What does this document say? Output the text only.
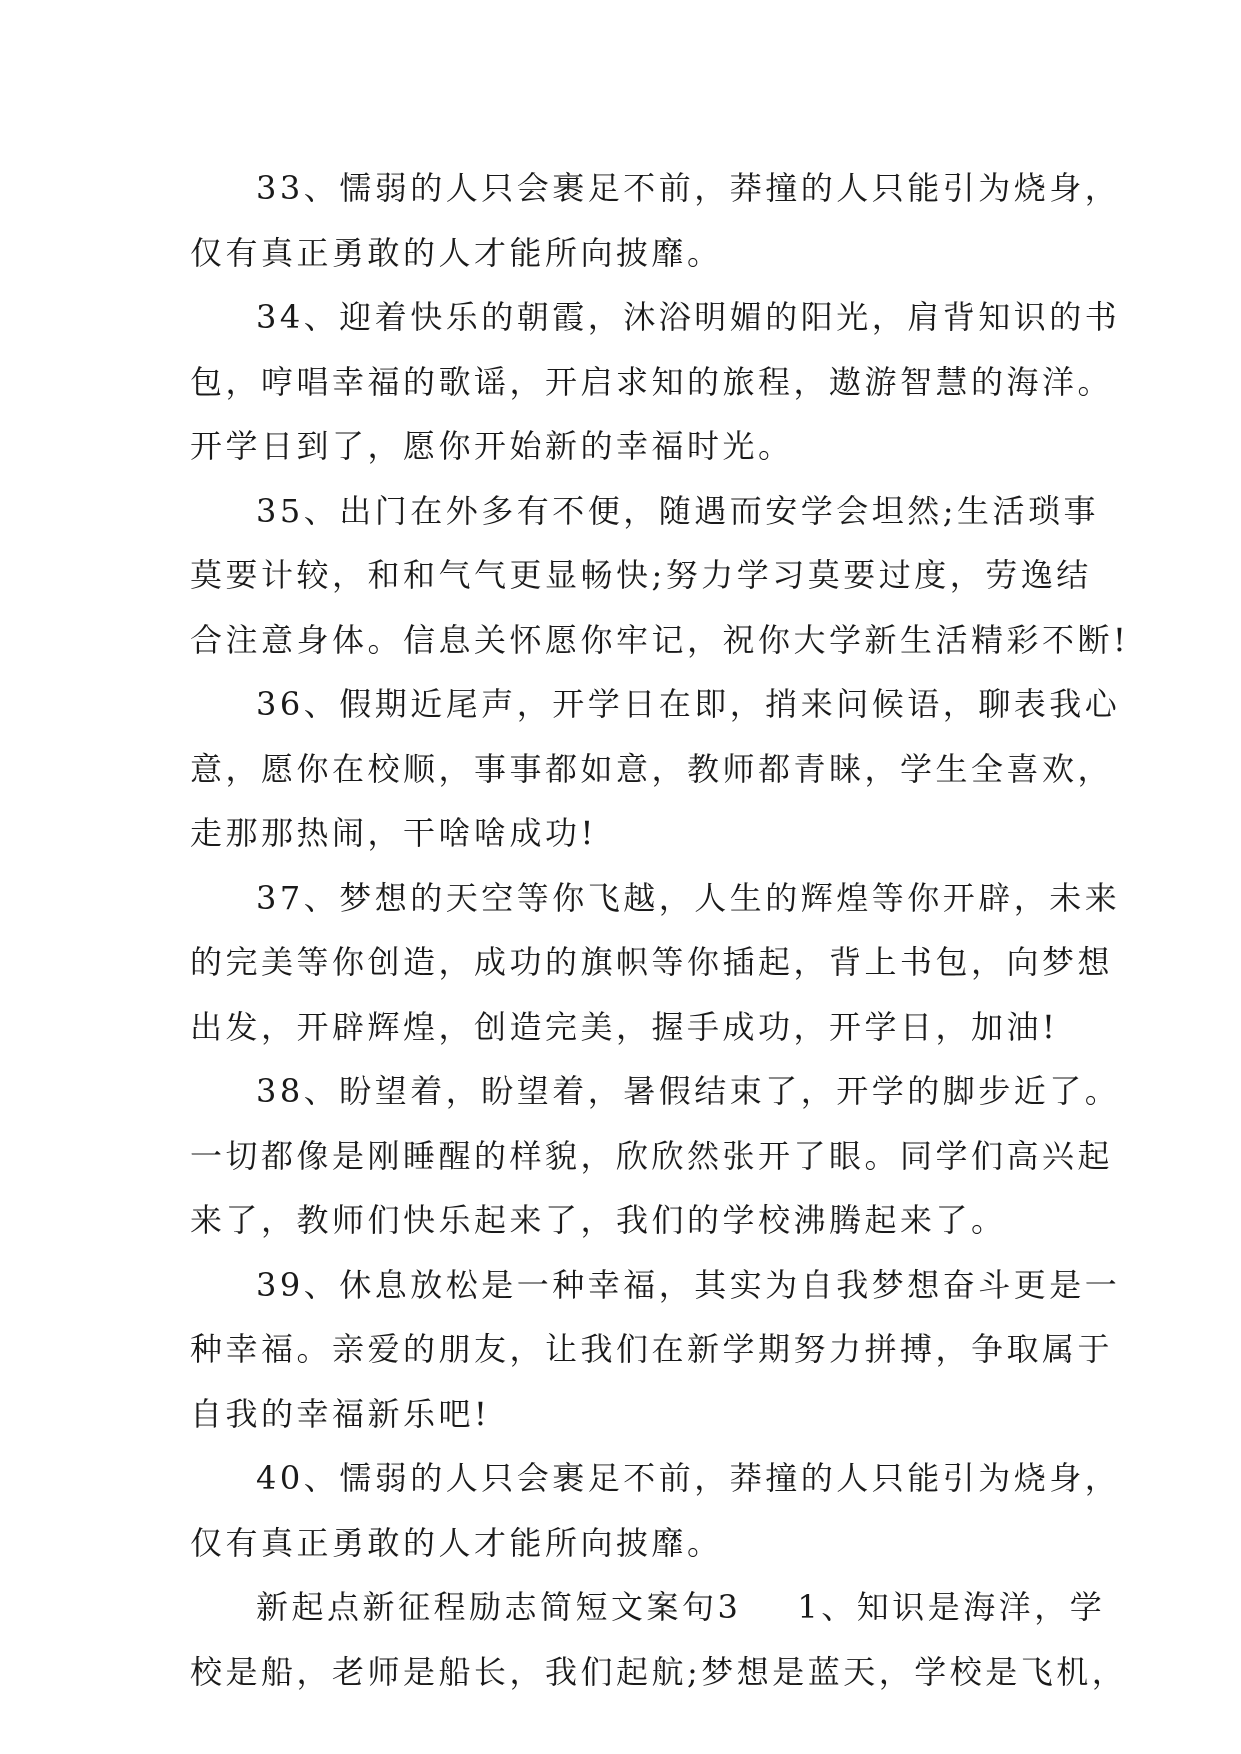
33、懦弱的人只会裹足不前，莽撞的人只能引为烧身，
仅有真正勇敢的人才能所向披靡。
34、迎着快乐的朝霞，沐浴明媚的阳光，肩背知识的书
包，哼唱幸福的歌谣，开启求知的旅程，遨游智慧的海洋。
开学日到了，愿你开始新的幸福时光。
35、出门在外多有不便，随遇而安学会坦然;生活琐事
莫要计较，和和气气更显畅快;努力学习莫要过度，劳逸结
合注意身体。信息关怀愿你牢记，祝你大学新生活精彩不断!
36、假期近尾声，开学日在即，捎来问候语，聊表我心
意，愿你在校顺，事事都如意，教师都青睐，学生全喜欢，
走那那热闹，干啥啥成功!
37、梦想的天空等你飞越，人生的辉煌等你开辟，未来
的完美等你创造，成功的旗帜等你插起，背上书包，向梦想
出发，开辟辉煌，创造完美，握手成功，开学日，加油!
38、盼望着，盼望着，暑假结束了，开学的脚步近了。
一切都像是刚睡醒的样貌，欣欣然张开了眼。同学们高兴起
来了，教师们快乐起来了，我们的学校沸腾起来了。
39、休息放松是一种幸福，其实为自我梦想奋斗更是一
种幸福。亲爱的朋友，让我们在新学期努力拼搏，争取属于
自我的幸福新乐吧!
40、懦弱的人只会裹足不前，莽撞的人只能引为烧身，
仅有真正勇敢的人才能所向披靡。
新起点新征程励志简短文案句3 1、知识是海洋，学
校是船，老师是船长，我们起航;梦想是蓝天，学校是飞机，
